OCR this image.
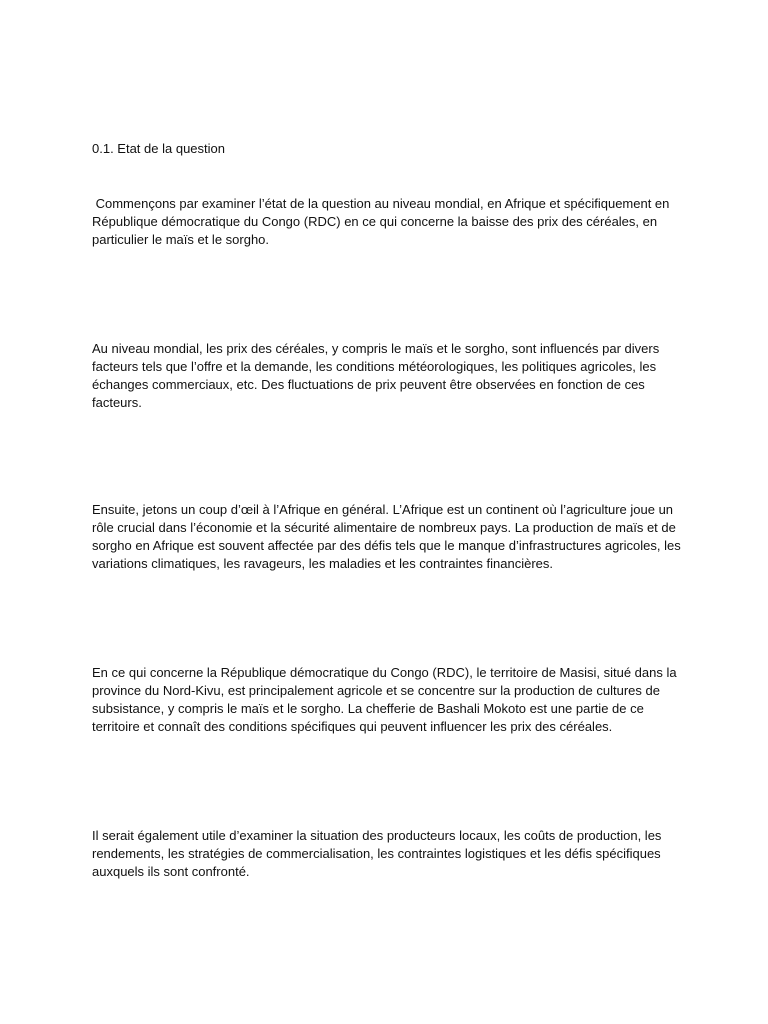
0.1. Etat de la question

Commençons par examiner l’état de la question au niveau mondial, en Afrique et spécifiquement en République démocratique du Congo (RDC) en ce qui concerne la baisse des prix des céréales, en particulier le maïs et le sorgho.

Au niveau mondial, les prix des céréales, y compris le maïs et le sorgho, sont influencés par divers facteurs tels que l’offre et la demande, les conditions météorologiques, les politiques agricoles, les échanges commerciaux, etc. Des fluctuations de prix peuvent être observées en fonction de ces facteurs.

Ensuite, jetons un coup d’œil à l’Afrique en général. L’Afrique est un continent où l’agriculture joue un rôle crucial dans l’économie et la sécurité alimentaire de nombreux pays. La production de maïs et de sorgho en Afrique est souvent affectée par des défis tels que le manque d’infrastructures agricoles, les variations climatiques, les ravageurs, les maladies et les contraintes financières.

En ce qui concerne la République démocratique du Congo (RDC), le territoire de Masisi, situé dans la province du Nord-Kivu, est principalement agricole et se concentre sur la production de cultures de subsistance, y compris le maïs et le sorgho. La chefferie de Bashali Mokoto est une partie de ce territoire et connaît des conditions spécifiques qui peuvent influencer les prix des céréales.

Il serait également utile d’examiner la situation des producteurs locaux, les coûts de production, les rendements, les stratégies de commercialisation, les contraintes logistiques et les défis spécifiques auxquels ils sont confronté.
